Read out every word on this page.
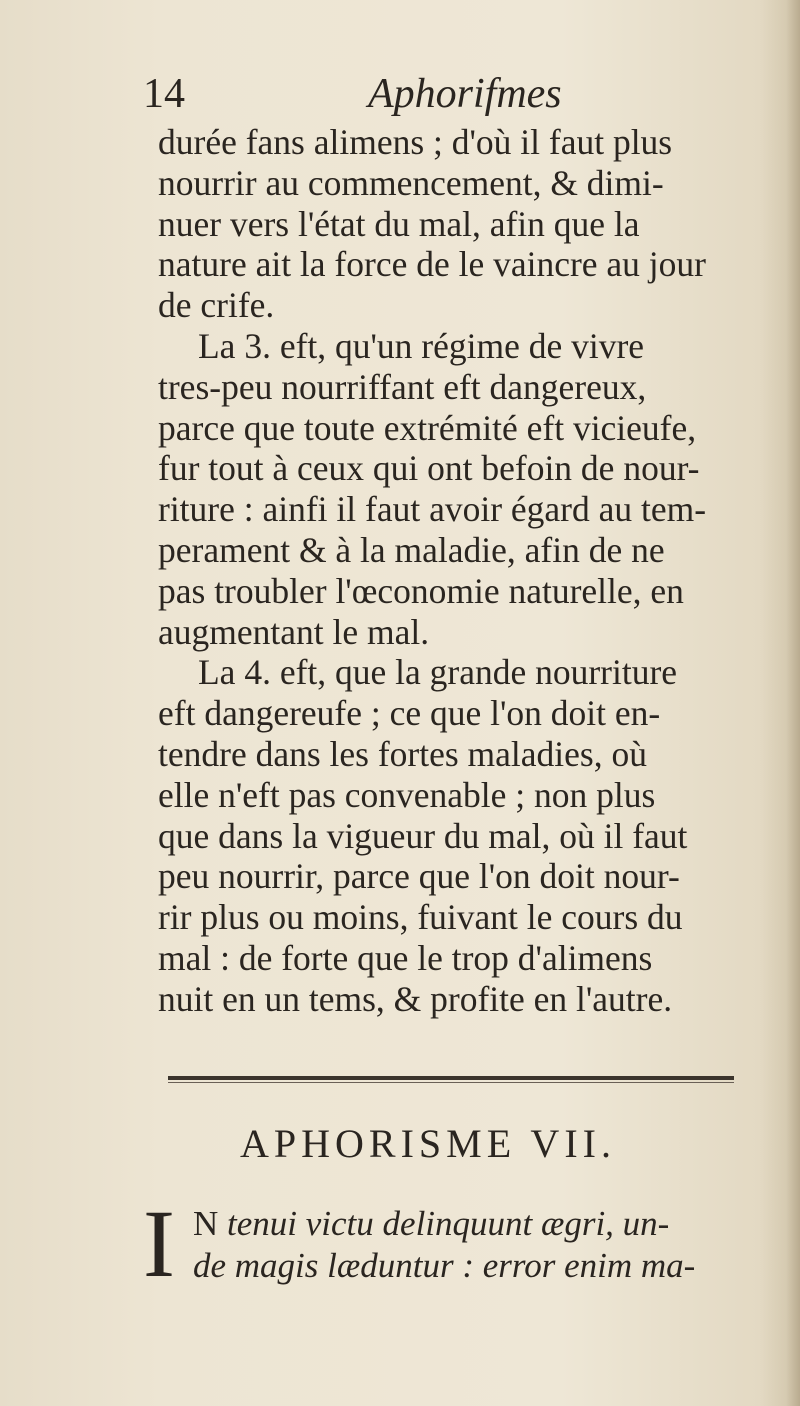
14	Aphorifmes
durée fans alimens ; d'où il faut plus
nourrir au commencement, & dimi-
nuer vers l'état du mal, afin que la
nature ait la force de le vaincre au jour
de crife.
La 3. eft, qu'un régime de vivre
tres-peu nourriffant eft dangereux,
parce que toute extrémité eft vicieufe,
fur tout à ceux qui ont befoin de nour-
riture : ainfi il faut avoir égard au tem-
perament & à la maladie, afin de ne
pas troubler l'œconomie naturelle, en
augmentant le mal.
La 4. eft, que la grande nourriture
eft dangereufe ; ce que l'on doit en-
tendre dans les fortes maladies, où
elle n'eft pas convenable ; non plus
que dans la vigueur du mal, où il faut
peu nourrir, parce que l'on doit nour-
rir plus ou moins, fuivant le cours du
mal : de forte que le trop d'alimens
nuit en un tems, & profite en l'autre.
APHORISME VII.
I N tenui victu delinquunt ægri, un-
de magis læduntur : error enim ma-
